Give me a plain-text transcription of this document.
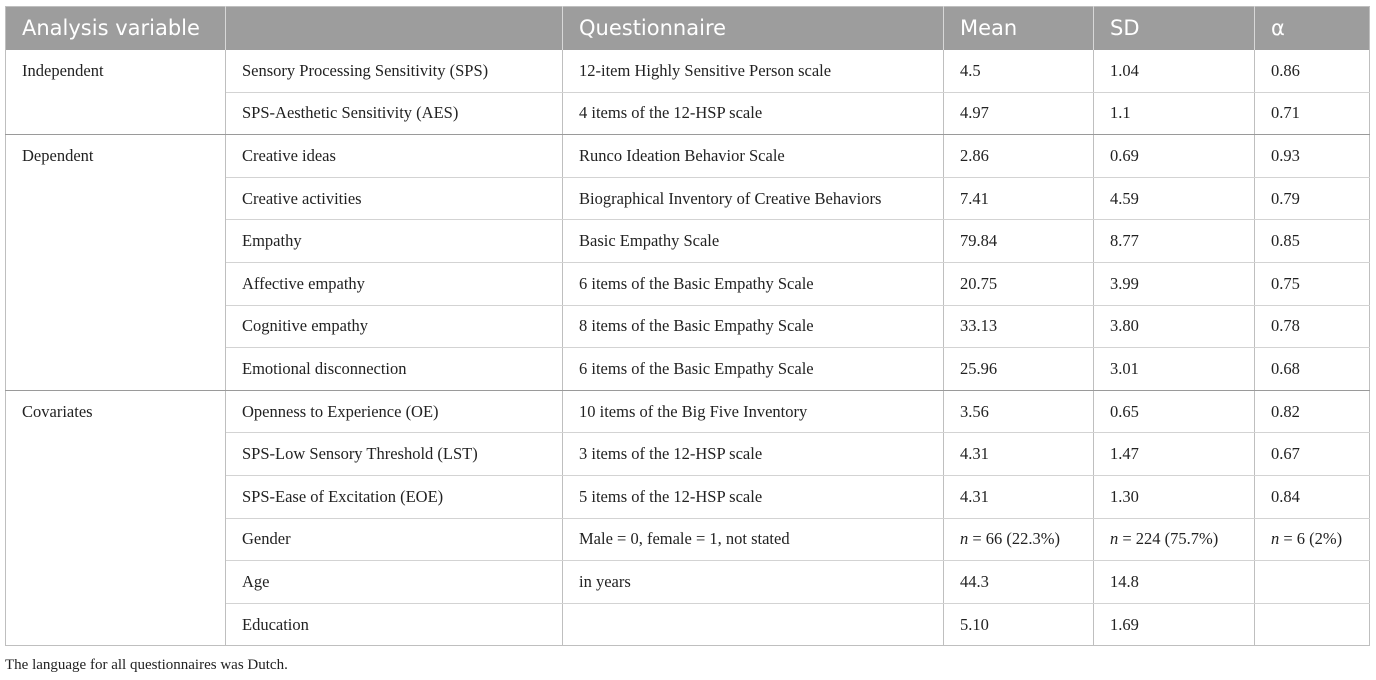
Analysis variable		Questionnaire	Mean	SD	α
Independent	Sensory Processing Sensitivity (SPS)	12-item Highly Sensitive Person scale	4.5	1.04	0.86
	SPS-Aesthetic Sensitivity (AES)	4 items of the 12-HSP scale	4.97	1.1	0.71
Dependent	Creative ideas	Runco Ideation Behavior Scale	2.86	0.69	0.93
	Creative activities	Biographical Inventory of Creative Behaviors	7.41	4.59	0.79
	Empathy	Basic Empathy Scale	79.84	8.77	0.85
	Affective empathy	6 items of the Basic Empathy Scale	20.75	3.99	0.75
	Cognitive empathy	8 items of the Basic Empathy Scale	33.13	3.80	0.78
	Emotional disconnection	6 items of the Basic Empathy Scale	25.96	3.01	0.68
Covariates	Openness to Experience (OE)	10 items of the Big Five Inventory	3.56	0.65	0.82
	SPS-Low Sensory Threshold (LST)	3 items of the 12-HSP scale	4.31	1.47	0.67
	SPS-Ease of Excitation (EOE)	5 items of the 12-HSP scale	4.31	1.30	0.84
	Gender	Male = 0, female = 1, not stated	n = 66 (22.3%)	n = 224 (75.7%)	n = 6 (2%)
	Age	in years	44.3	14.8	
	Education		5.10	1.69	
The language for all questionnaires was Dutch.
